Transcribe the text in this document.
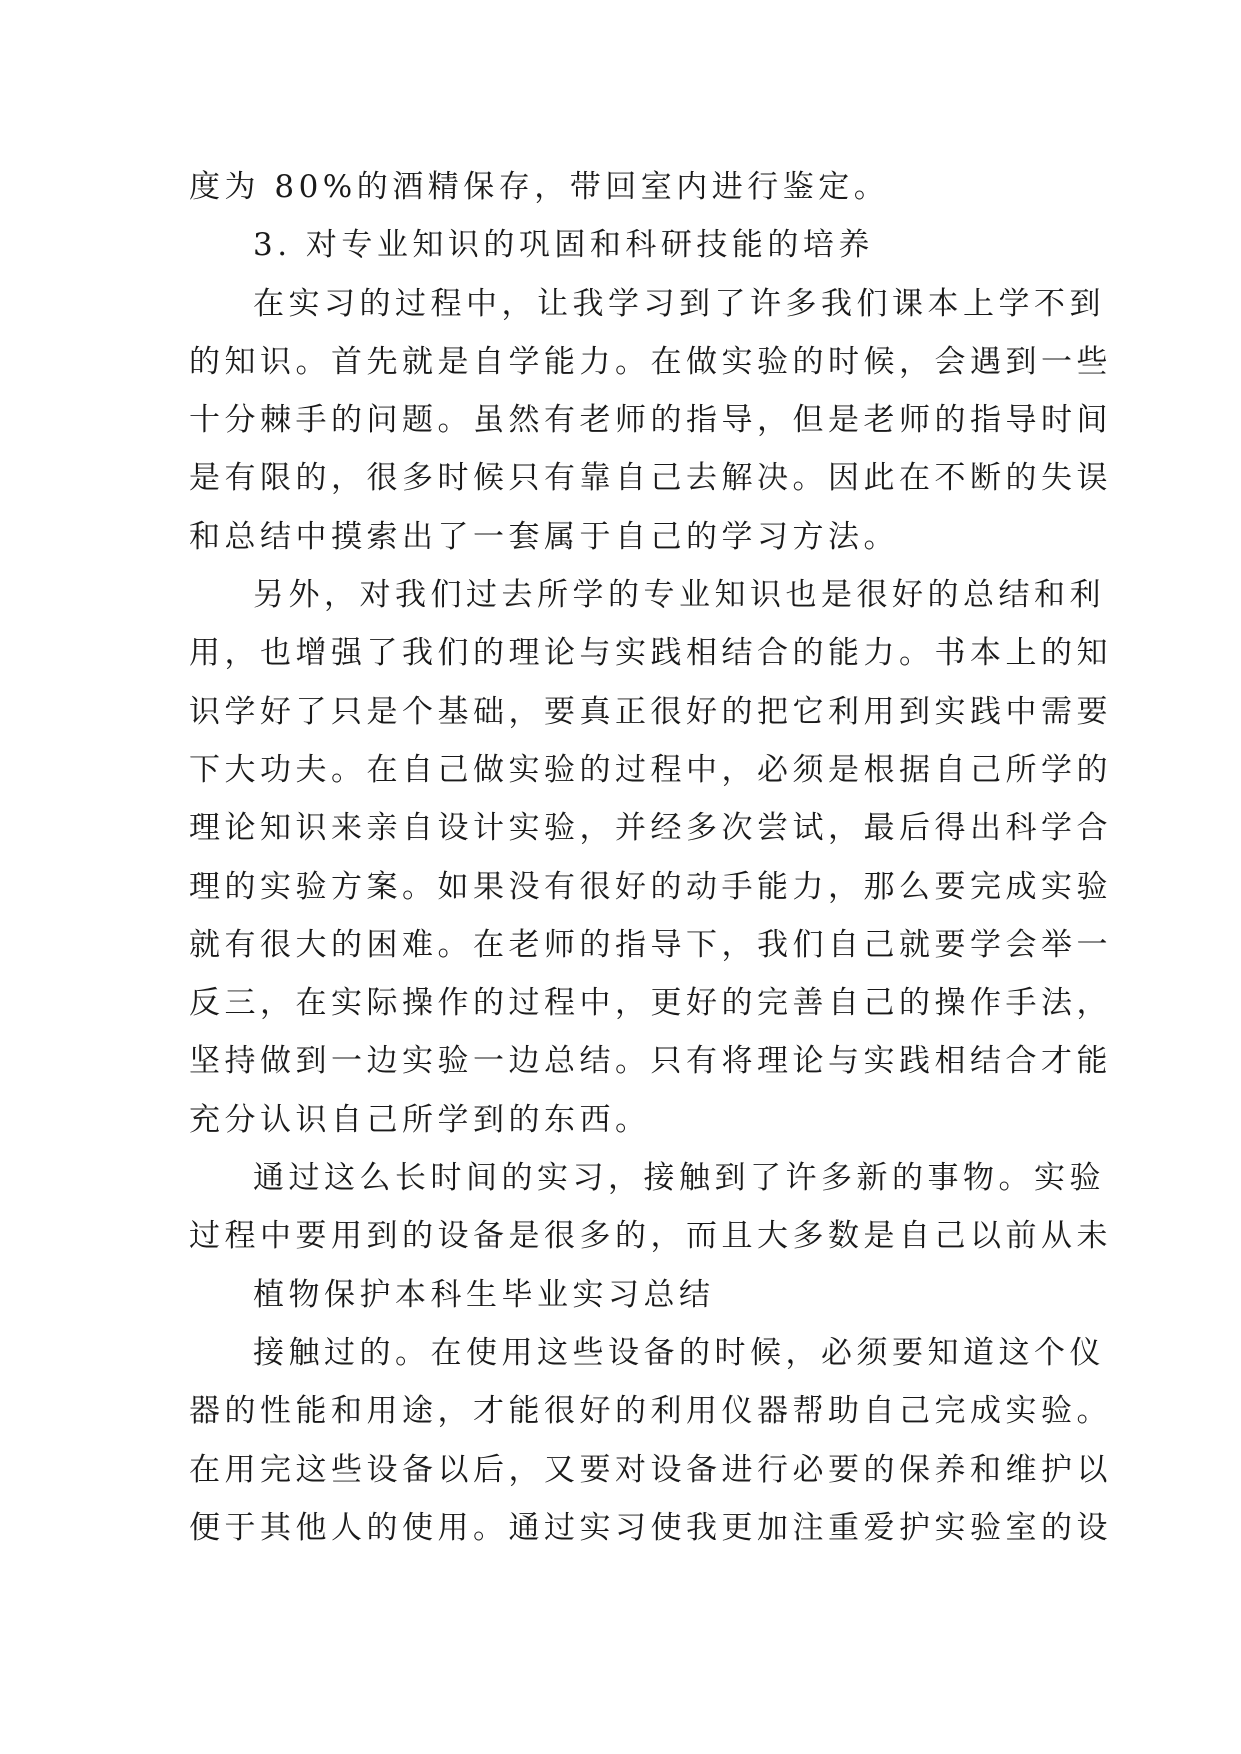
度为 80%的酒精保存，带回室内进行鉴定。
3. 对专业知识的巩固和科研技能的培养
在实习的过程中，让我学习到了许多我们课本上学不到
的知识。首先就是自学能力。在做实验的时候，会遇到一些
十分棘手的问题。虽然有老师的指导，但是老师的指导时间
是有限的，很多时候只有靠自己去解决。因此在不断的失误
和总结中摸索出了一套属于自己的学习方法。
另外，对我们过去所学的专业知识也是很好的总结和利
用，也增强了我们的理论与实践相结合的能力。书本上的知
识学好了只是个基础，要真正很好的把它利用到实践中需要
下大功夫。在自己做实验的过程中，必须是根据自己所学的
理论知识来亲自设计实验，并经多次尝试，最后得出科学合
理的实验方案。如果没有很好的动手能力，那么要完成实验
就有很大的困难。在老师的指导下，我们自己就要学会举一
反三，在实际操作的过程中，更好的完善自己的操作手法，
坚持做到一边实验一边总结。只有将理论与实践相结合才能
充分认识自己所学到的东西。
通过这么长时间的实习，接触到了许多新的事物。实验
过程中要用到的设备是很多的，而且大多数是自己以前从未
植物保护本科生毕业实习总结
接触过的。在使用这些设备的时候，必须要知道这个仪
器的性能和用途，才能很好的利用仪器帮助自己完成实验。
在用完这些设备以后，又要对设备进行必要的保养和维护以
便于其他人的使用。通过实习使我更加注重爱护实验室的设
